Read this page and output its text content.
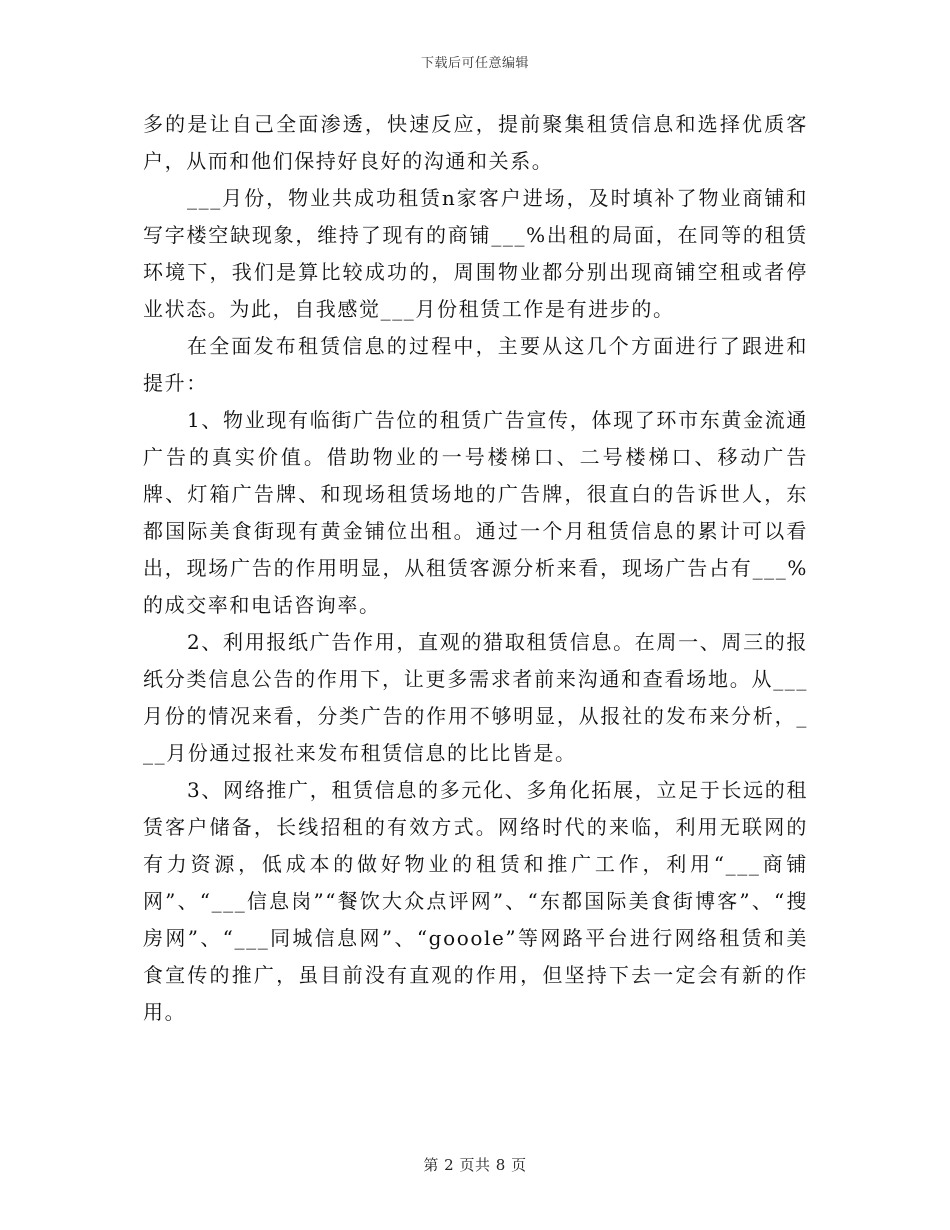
下载后可任意编辑

多的是让自己全面渗透，快速反应，提前聚集租赁信息和选择优质客户，从而和他们保持好良好的沟通和关系。

___月份，物业共成功租赁n家客户进场，及时填补了物业商铺和写字楼空缺现象，维持了现有的商铺___%出租的局面，在同等的租赁环境下，我们是算比较成功的，周围物业都分别出现商铺空租或者停业状态。为此，自我感觉___月份租赁工作是有进步的。

在全面发布租赁信息的过程中，主要从这几个方面进行了跟进和提升：

1、物业现有临街广告位的租赁广告宣传，体现了环市东黄金流通广告的真实价值。借助物业的一号楼梯口、二号楼梯口、移动广告牌、灯箱广告牌、和现场租赁场地的广告牌，很直白的告诉世人，东都国际美食街现有黄金铺位出租。通过一个月租赁信息的累计可以看出，现场广告的作用明显，从租赁客源分析来看，现场广告占有___%的成交率和电话咨询率。

2、利用报纸广告作用，直观的猎取租赁信息。在周一、周三的报纸分类信息公告的作用下，让更多需求者前来沟通和查看场地。从___月份的情况来看，分类广告的作用不够明显，从报社的发布来分析，___月份通过报社来发布租赁信息的比比皆是。

3、网络推广，租赁信息的多元化、多角化拓展，立足于长远的租赁客户储备，长线招租的有效方式。网络时代的来临，利用无联网的有力资源，低成本的做好物业的租赁和推广工作，利用“___商铺网”、“___信息岗”“餐饮大众点评网”、“东都国际美食街博客”、“搜房网”、“___同城信息网”、“gooole”等网路平台进行网络租赁和美食宣传的推广，虽目前没有直观的作用，但坚持下去一定会有新的作用。

第 2 页共 8 页
